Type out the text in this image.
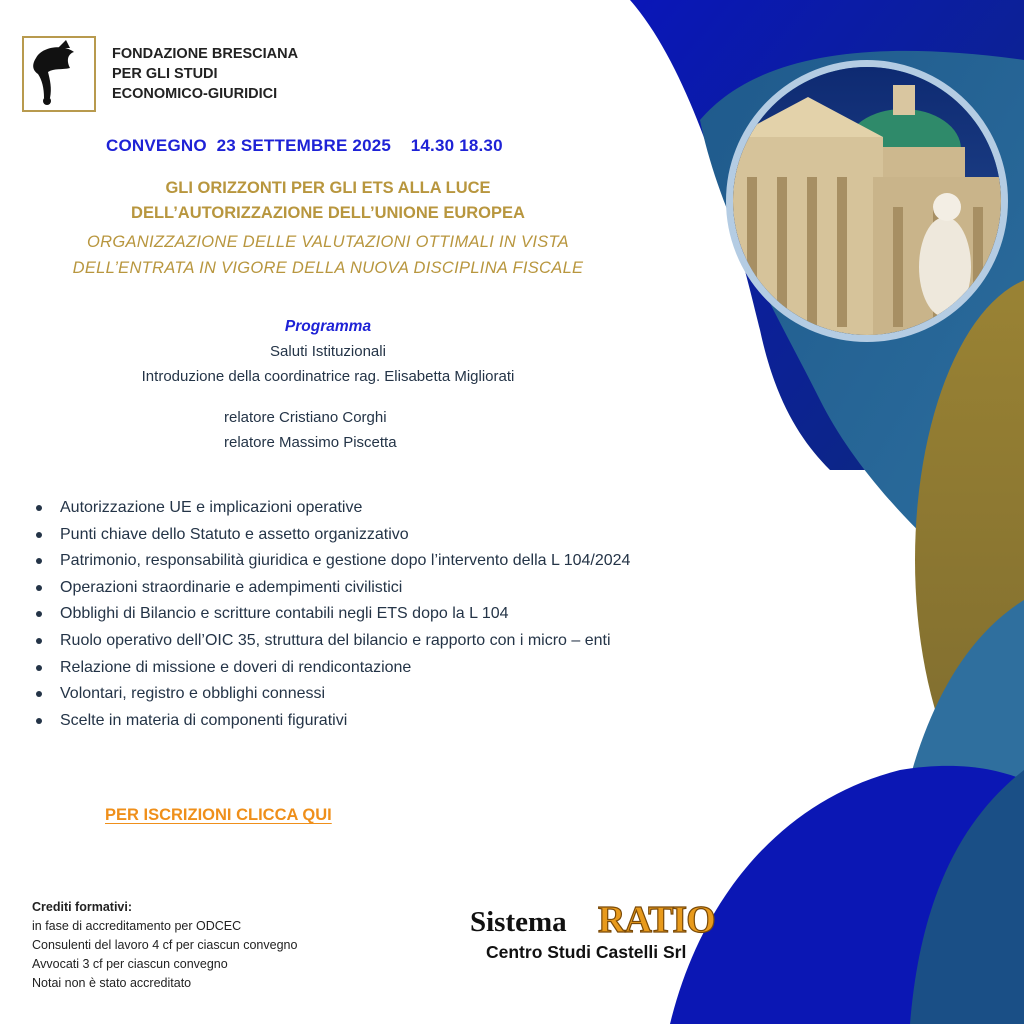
FONDAZIONE BRESCIANA
PER GLI STUDI
ECONOMICO-GIURIDICI
CONVEGNO  23 SETTEMBRE 2025    14.30 18.30
GLI ORIZZONTI PER GLI ETS ALLA LUCE
DELL’AUTORIZZAZIONE DELL’UNIONE EUROPEA
ORGANIZZAZIONE DELLE VALUTAZIONI OTTIMALI IN VISTA
DELL’ENTRATA IN VIGORE DELLA NUOVA DISCIPLINA FISCALE
Programma
Saluti Istituzionali
Introduzione della coordinatrice rag. Elisabetta Migliorati
relatore Cristiano Corghi
relatore Massimo Piscetta
Autorizzazione UE e implicazioni operative
Punti chiave dello Statuto e assetto organizzativo
Patrimonio, responsabilità giuridica e gestione dopo l’intervento della L 104/2024
Operazioni straordinarie e adempimenti civilistici
Obblighi di Bilancio e scritture contabili negli ETS dopo la L 104
Ruolo operativo dell’OIC 35, struttura del bilancio e rapporto con i micro – enti
Relazione di missione e doveri di rendicontazione
Volontari, registro e obblighi connessi
Scelte in materia di componenti figurativi
PER ISCRIZIONI CLICCA QUI
Crediti formativi:
in fase di accreditamento per ODCEC
Consulenti del lavoro 4 cf per ciascun convegno
Avvocati 3 cf per ciascun convegno
Notai non è stato accreditato
Sistema RATIO
Centro Studi Castelli Srl
